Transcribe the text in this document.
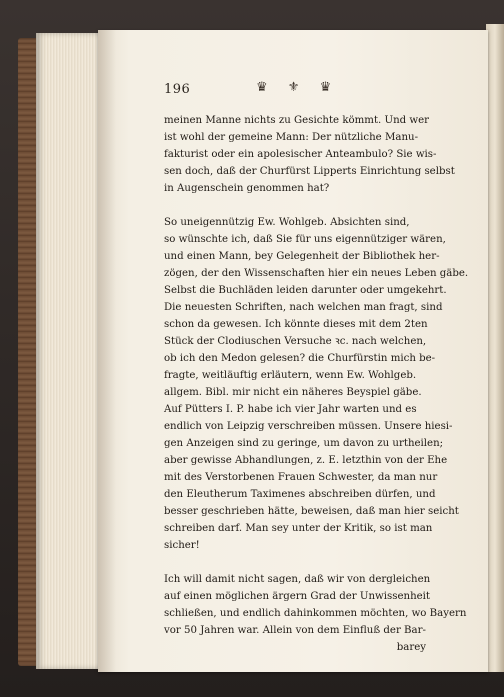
196	♛ ⚜ ♛
meinen Manne nichts zu Gesichte kömmt. Und wer
ist wohl der gemeine Mann: Der nützliche Manu-
fakturist oder ein apolesischer Anteambulo? Sie wis-
sen doch, daß der Churfürst Lipperts Einrichtung selbst
in Augenschein genommen hat?
So uneigennützig Ew. Wohlgeb. Absichten sind,
so wünschte ich, daß Sie für uns eigennütziger wären,
und einen Mann, bey Gelegenheit der Bibliothek her-
zögen, der den Wissenschaften hier ein neues Leben gäbe.
Selbst die Buchläden leiden darunter oder umgekehrt.
Die neuesten Schriften, nach welchen man fragt, sind
schon da gewesen. Ich könnte dieses mit dem 2ten
Stück der Clodiuschen Versuche ꝛc. nach welchen,
ob ich den Medon gelesen? die Churfürstin mich be-
fragte, weitläuftig erläutern, wenn Ew. Wohlgeb.
allgem. Bibl. mir nicht ein näheres Beyspiel gäbe.
Auf Pütters I. P. habe ich vier Jahr warten und es
endlich von Leipzig verschreiben müssen. Unsere hiesi-
gen Anzeigen sind zu geringe, um davon zu urtheilen;
aber gewisse Abhandlungen, z. E. letzthin von der Ehe
mit des Verstorbenen Frauen Schwester, da man nur
den Eleutherum Taximenes abschreiben dürfen, und
besser geschrieben hätte, beweisen, daß man hier seicht
schreiben darf. Man sey unter der Kritik, so ist man
sicher!
Ich will damit nicht sagen, daß wir von dergleichen
auf einen möglichen ärgern Grad der Unwissenheit
schließen, und endlich dahinkommen möchten, wo Bayern
vor 50 Jahren war. Allein von dem Einfluß der Bar-
barey
